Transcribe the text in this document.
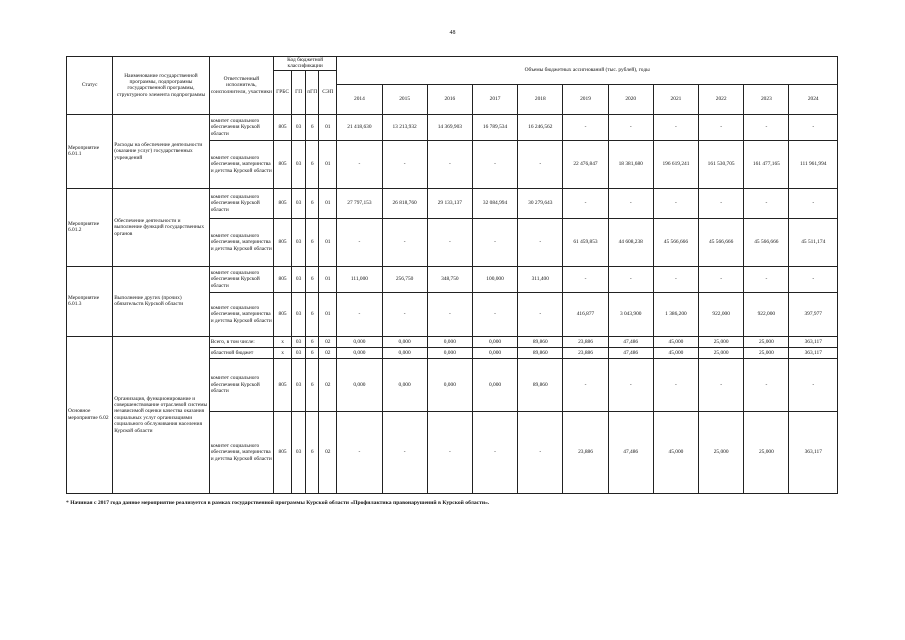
48
Статус	Наименование государственной программы, подпрограммы государственной программы, структурного элемента подпрограммы	Ответственный исполнитель, соисполнители, участники	Код бюджетной классификации				Объемы бюджетных ассигнований (тыс. рублей), годы										
			ГРБС	ГП	пГП	СЭП											
							2014	2015	2016	2017	2018	2019	2020	2021	2022	2023	2024
Мероприятие 6.01.1	Расходы на обеспечение деятельности (оказание услуг) государственных учреждений	комитет социального обеспечения Курской области	805	03	6	01	21 418,630	13 213,932	14 369,903	16 789,534	16 246,562	-	-	-	-	-	-
		комитет социального обеспечения, материнства и детства Курской области	805	03	6	01	-	-	-	-	-	22 476,847	18 381,680	196 619,241	161 530,705	161 477,165	111 961,994
Мероприятие 6.01.2	Обеспечение деятельности и выполнение функций государственных органов	комитет социального обеспечения Курской области	805	03	6	01	27 797,153	26 818,760	29 133,137	32 084,994	30 279,643	-	-	-	-	-	-
		комитет социального обеспечения, материнства и детства Курской области	805	03	6	01	-	-	-	-	-	61 459,853	44 608,238	45 566,666	45 566,666	45 566,666	45 511,174
Мероприятие 6.01.3	Выполнение других (прочих) обязательств Курской области	комитет социального обеспечения Курской области	805	03	6	01	111,000	256,750	348,750	100,000	311,400	-	-	-	-	-	-
		комитет социального обеспечения, материнства и детства Курской области	805	03	6	01	-	-	-	-	-	416,877	3 043,900	1 386,200	922,000	922,000	397,977
Основное мероприятие 6.02	Организация, функционирование и совершенствование отраслевой системы независимой оценки качества оказания социальных услуг организациями социального обслуживания населения Курской области	Всего, в том числе:	х	03	6	02	0,000	0,000	0,000	0,000	89,860	23,886	47,486	45,000	25,000	25,000	363,117
		областной бюджет	х	03	6	02	0,000	0,000	0,000	0,000	89,860	23,886	47,486	45,000	25,000	25,000	363,117
		комитет социального обеспечения Курской области	805	03	6	02	0,000	0,000	0,000	0,000	89,860	-	-	-	-	-	-
		комитет социального обеспечения, материнства и детства Курской области	805	03	6	02	-	-	-	-	-	23,886	47,486	45,000	25,000	25,000	363,117
* Начиная с 2017 года данное мероприятие реализуется в рамках государственной программы Курской области «Профилактика правонарушений в Курской области».
